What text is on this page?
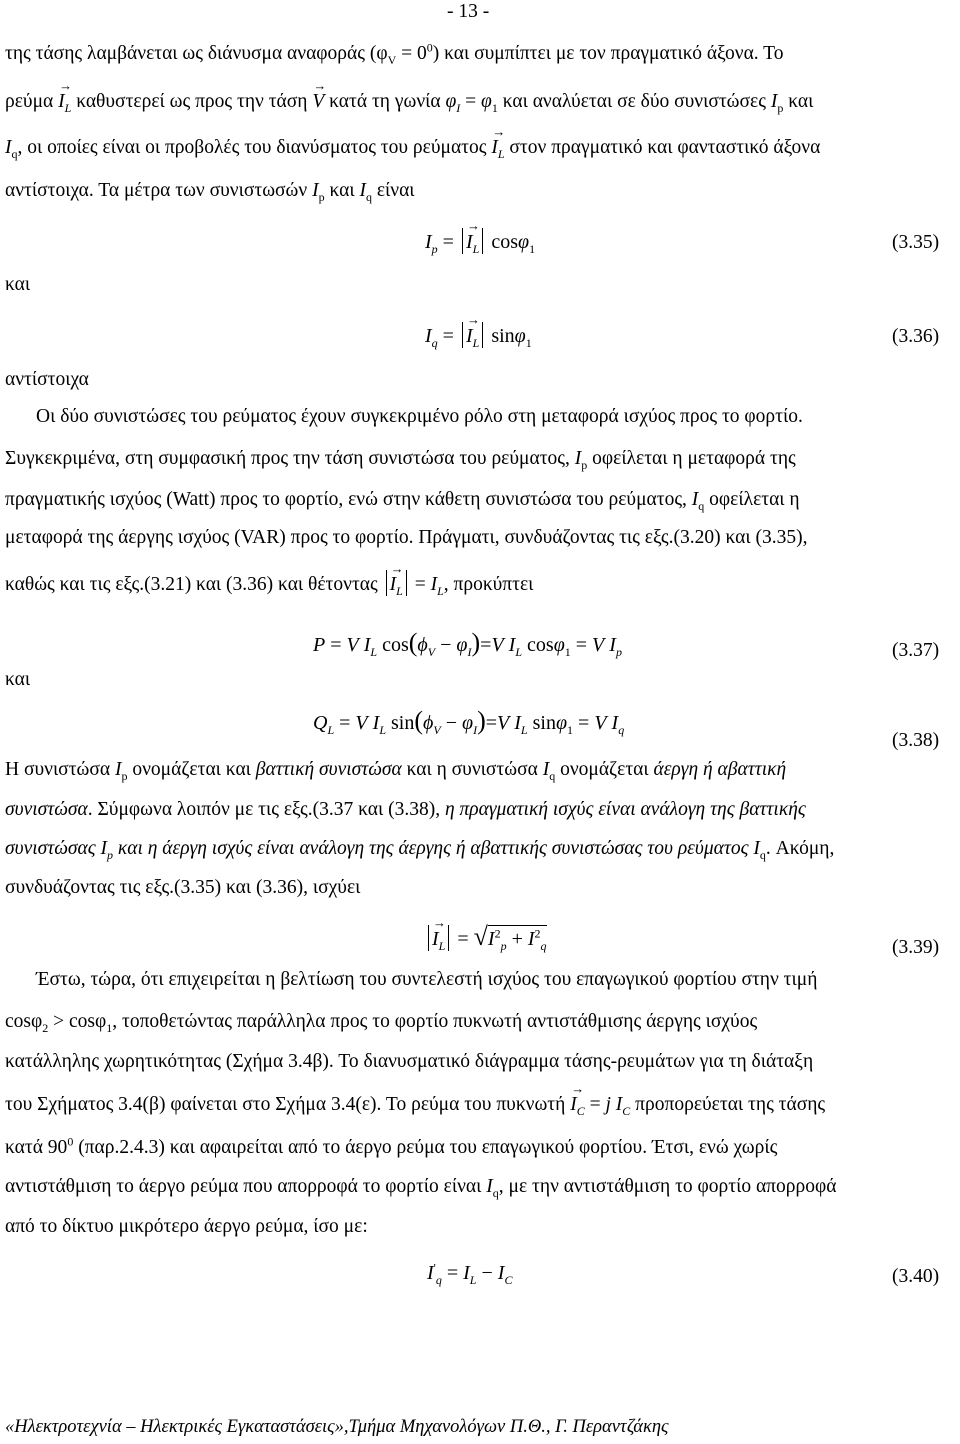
- 13 -
της τάσης λαμβάνεται ως διάνυσμα αναφοράς $(\varphi_V = 0^0)$ και συμπίπτει με τον πραγματικό άξονα. Το
$\rho\varepsilon ύ\mu\alpha \to I_L$ καθυστερεί ως προς την τάση → V κατά τη γωνία $\varphi_I = \varphi_1$ και αναλύεται σε δύο συνιστώσες $I_p$ και
$I_q$, οι οποίες είναι οι προβολές του διανύσματος του $\rho\varepsilon ύ\mu\alpha\tau o\varsigma \to I_L$ στον πραγματικό και φανταστικό άξονα
αντίστοιχα. Τα μέτρα των συνιστωσών $I_p$ και $I_q$ είναι
$I_p$ = → $I_L$ cosφ$_1$	(3.35)
και
$I_q$ = → $I_L$ sinφ$_1$	(3.36)
αντίστοιχα
Οι δύο συνιστώσες του ρεύματος έχουν συγκεκριμένο ρόλο στη μεταφορά ισχύος προς το φορτίο.
Συγκεκριμένα, στη συμφασική προς την τάση συνιστώσα του ρεύματος, $I_p$ οφείλεται η μεταφορά της
πραγματικής ισχύος (Watt) προς το φορτίο, ενώ στην κάθετη συνιστώσα του ρεύματος, $I_q$ οφείλεται η
μεταφορά της άεργης ισχύος (VAR) προς το φορτίο. Πράγματι, συνδυάζοντας τις εξς.(3.20) και (3.35),
καθώς και τις εξς.(3.21) και (3.36) και $\theta έ\tau o\nu\tau\alpha\varsigma \to I_L = I_L$, προκύπτει
P = V $I_L$ $\cos(\phi_V - \varphi_I)=V$ $I_L$ cosφ$_1$ = V $I_p$	(3.37)
και
$Q_L = V$ $I_L$ $\sin(\phi_V - \varphi_I)=V$ $I_L$ sinφ$_1$ = V $I_q$	(3.38)
Η συνιστώσα $I_p$ ονομάζεται και βαττική συνιστώσα και η συνιστώσα $I_q$ ονομάζεται άεργη ή αβαττική
συνιστώσα. Σύμφωνα λοιπόν με τις εξς.(3.37 και (3.38), η πραγματική ισχύς είναι ανάλογη της βαττικής
συνιστώσας $I_p$ και η άεργη ισχύς είναι ανάλογη της άεργης ή αβαττικής συνιστώσας του ρεύματος $I_q$. Ακόμη,
συνδυάζοντας τις εξς.(3.35) και (3.36), ισχύει
→ $I_L = √I^2_p + I^2_q$	(3.39)
Έστω, τώρα, ότι επιχειρείται η βελτίωση του συντελεστή ισχύος του επαγωγικού φορτίου στην τιμή
cosφ$_2$ > cosφ$_1$, τοποθετώντας παράλληλα προς το φορτίο πυκνωτή αντιστάθμισης άεργης ισχύος
κατάλληλης χωρητικότητας (Σχήμα 3.4β). Το διανυσματικό διάγραμμα τάσης-ρευμάτων για τη διάταξη
του Σχήματος 3.4(β) φαίνεται στο Σχήμα 3.4(ε). Το ρεύμα του $\pi\upsilon\kappa\nu\omega\tau ή \to I_C = j$ $I_C$ προπορεύεται της τάσης
κατά $90^0$ (παρ.2.4.3) και αφαιρείται από το άεργο ρεύμα του επαγωγικού φορτίου. Έτσι, ενώ χωρίς
αντιστάθμιση το άεργο ρεύμα που απορροφά το φορτίο είναι $I_q$, με την αντιστάθμιση το φορτίο απορροφά
από το δίκτυο μικρότερο άεργο ρεύμα, ίσο με:
$I'_q = I_L - I_C$	(3.40)
«Ηλεκτροτεχνία – Ηλεκτρικές Εγκαταστάσεις»,Τμήμα Μηχανολόγων Π.Θ., Γ. Περαντζάκης
